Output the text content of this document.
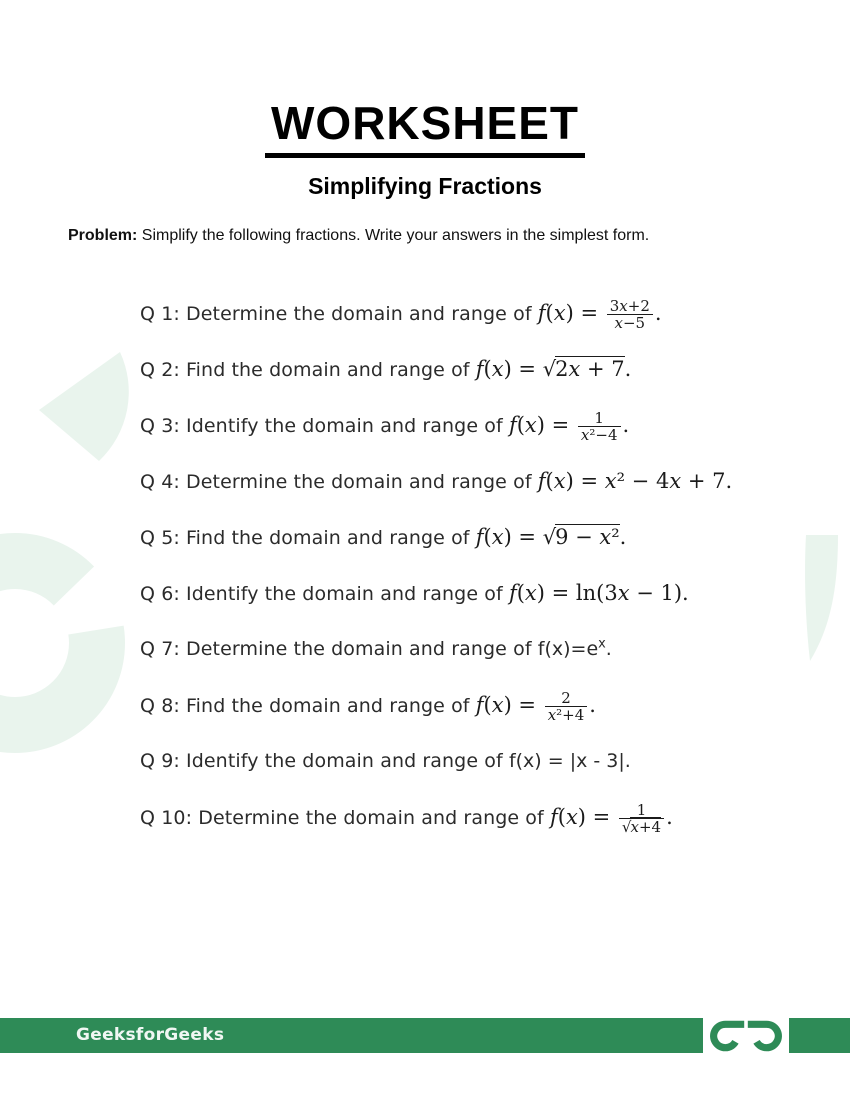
WORKSHEET
Simplifying Fractions
Problem: Simplify the following fractions. Write your answers in the simplest form.
Q 1: Determine the domain and range of $f(x) = \frac{3x+2}{x-5}$ .
Q 2: Find the domain and range of f(x) = √2x + 7.
Q 3: Identify the domain and range of $f(x) = \frac{1}{\text{x²−4}}$ .
Q 4: Determine the domain and range of f(x) = x² − 4x + 7.
Q 5: Find the domain and range of f(x) = √9 − x².
Q 6: Identify the domain and range of f(x) = ln(3x − 1).
Q 7: Determine the domain and range of $f(x)=e^x$.
Q 8: Find the domain and range of $f(x) = \frac{2}{\text{x²+4}}$ .
Q 9: Identify the domain and range of f(x) = |x - 3|.
Q 10: Determine the domain and range of $f(x) = \frac{1}{√x+4}$ .
GeeksforGeeks
